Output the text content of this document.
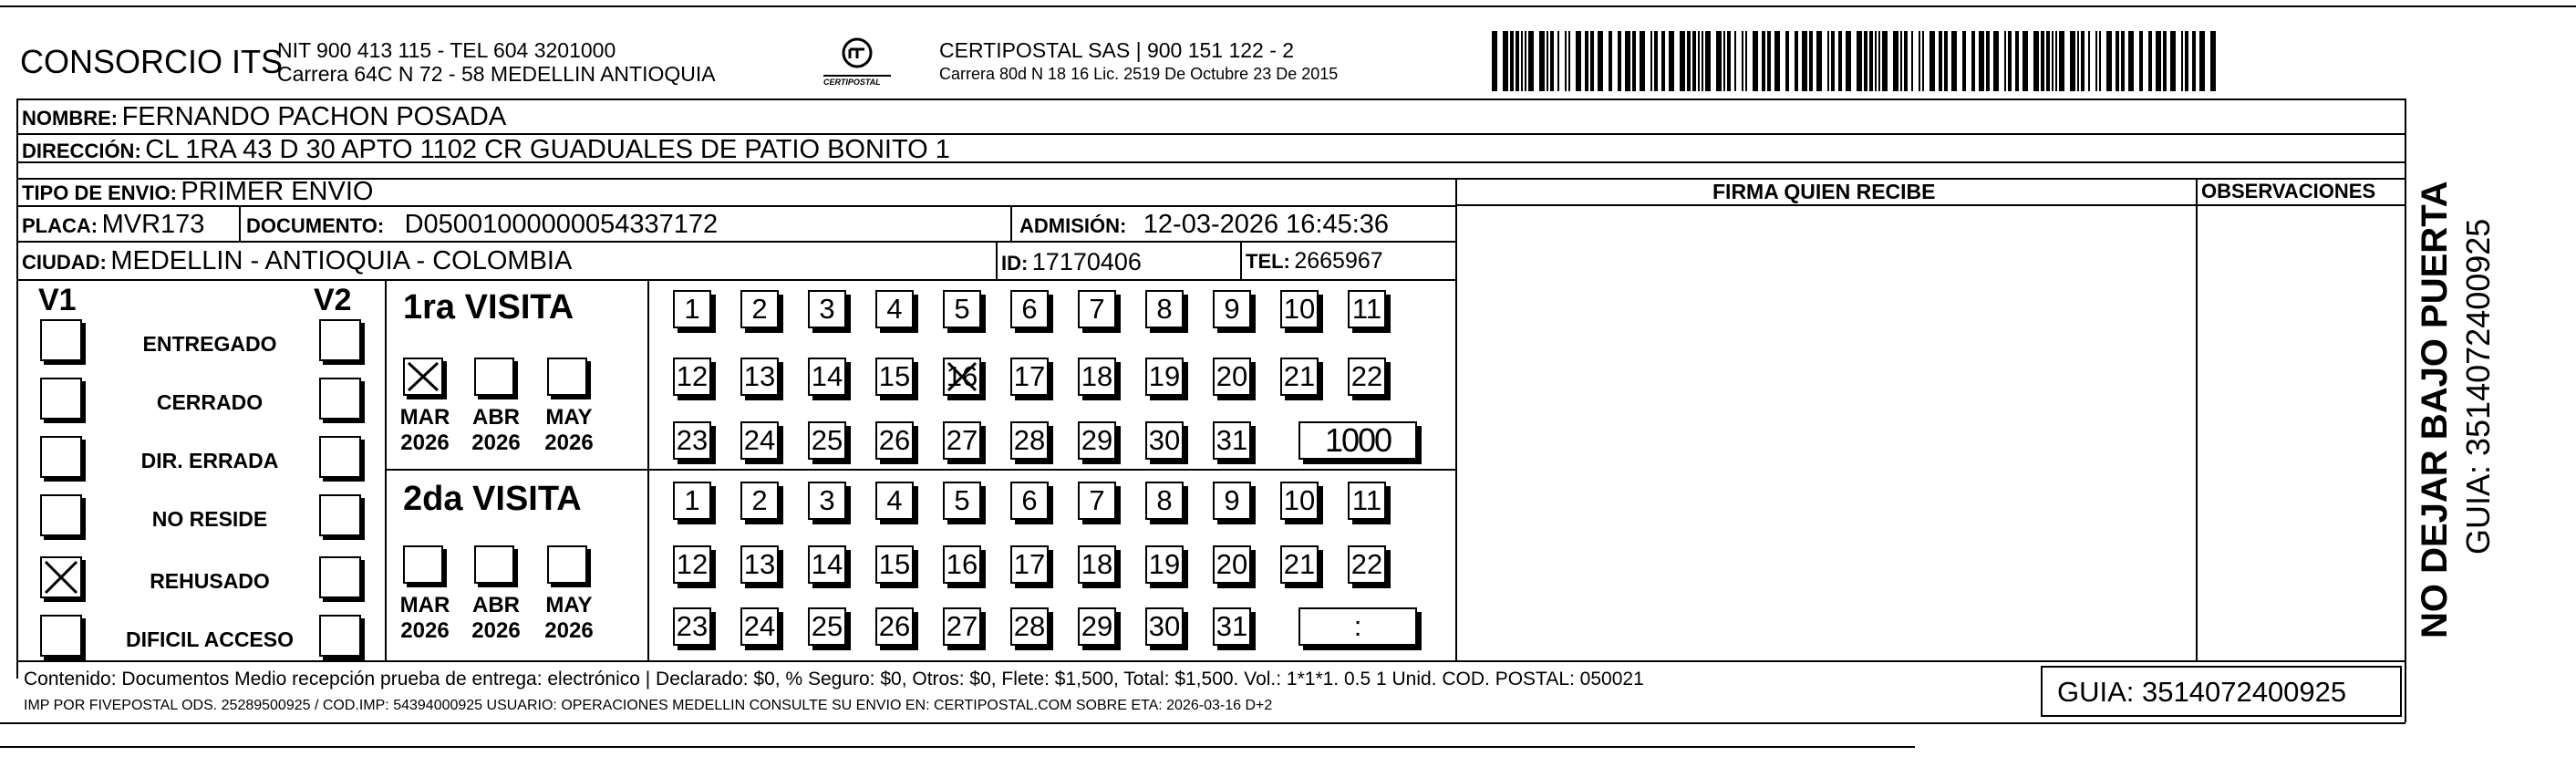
CONSORCIO ITS
NIT 900 413 115 - TEL 604 3201000
Carrera 64C N 72 - 58 MEDELLIN ANTIOQUIA	CERTIPOSTAL
CERTIPOSTAL SAS | 900 151 122 - 2
Carrera 80d N 18 16 Lic. 2519 De Octubre 23 De 2015
NOMBRE: FERNANDO PACHON POSADA
DIRECCIÓN: CL 1RA 43 D 30 APTO 1102 CR GUADUALES DE PATIO BONITO 1
TIPO DE ENVIO: PRIMER ENVIO
PLACA: MVR173 DOCUMENTO: D05001000000054337172	ADMISIÓN: 12-03-2026 16:45:36
CIUDAD: MEDELLIN - ANTIOQUIA - COLOMBIA	ID: 17170406	TEL: 2665967
FIRMA QUIEN RECIBE	OBSERVACIONES
V1	V2
ENTREGADO
CERRADO
DIR. ERRADA
NO RESIDE
REHUSADO
DIFICIL ACCESO
1ra VISITA
2da VISITA
MAR
2026
ABR
2026
MAY
2026
MAR
2026
ABR
2026
MAY
2026
1 2 3 4 5 6 7 8 9 10 11
12 13 14 15 16 17 18 19 20 21 22
23 24 25 26 27 28 29 30 31	1000
1 2 3 4 5 6 7 8 9 10 11
12 13 14 15 16 17 18 19 20 21 22
23 24 25 26 27 28 29 30 31	:
Contenido: Documentos Medio recepción prueba de entrega: electrónico | Declarado: $0, % Seguro: $0, Otros: $0, Flete: $1,500, Total: $1,500. Vol.: 1*1*1. 0.5 1 Unid. COD. POSTAL: 050021
IMP POR FIVEPOSTAL ODS. 25289500925 / COD.IMP: 54394000925 USUARIO: OPERACIONES MEDELLIN CONSULTE SU ENVIO EN: CERTIPOSTAL.COM SOBRE ETA: 2026-03-16 D+2	GUIA: 3514072400925
NO DEJAR BAJO PUERTA GUIA: 3514072400925
